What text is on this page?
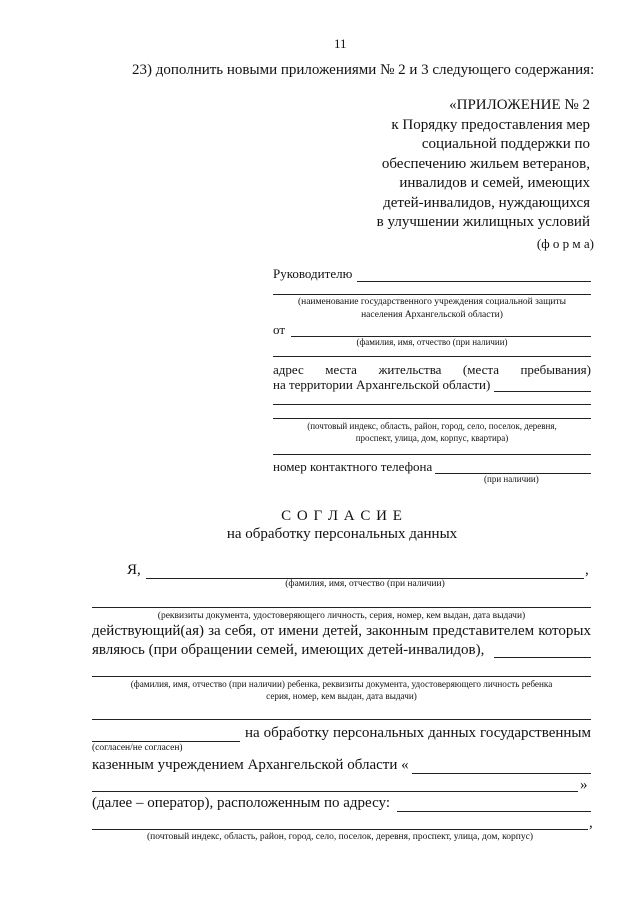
11
23) дополнить новыми приложениями № 2 и 3 следующего содержания:
«ПРИЛОЖЕНИЕ № 2
к Порядку предоставления мер
социальной поддержки по
обеспечению жильем ветеранов,
инвалидов и семей, имеющих
детей-инвалидов, нуждающихся
в улучшении жилищных условий
(ф о р м а)
Руководителю
(наименование государственного учреждения социальной защиты
населения Архангельской области)
от
(фамилия, имя, отчество (при наличии)
адрес места жительства (места пребывания)
на территории Архангельской области)
(почтовый индекс, область, район, город, село, поселок, деревня,
проспект, улица, дом, корпус, квартира)
номер контактного телефона
(при наличии)
С О Г Л А С И Е
на обработку персональных данных
Я,	,
(фамилия, имя, отчество (при наличии)
(реквизиты документа, удостоверяющего личность, серия, номер, кем выдан, дата выдачи)
действующий(ая) за себя, от имени детей, законным представителем которых
являюсь (при обращении семей, имеющих детей-инвалидов),
(фамилия, имя, отчество (при наличии) ребенка, реквизиты документа, удостоверяющего личность ребенка
серия, номер, кем выдан, дата выдачи)
на обработку персональных данных государственным
(согласен/не согласен)
казенным учреждением Архангельской области «
»
(далее – оператор), расположенным по адресу:
,
(почтовый индекс, область, район, город, село, поселок, деревня, проспект, улица, дом, корпус)
